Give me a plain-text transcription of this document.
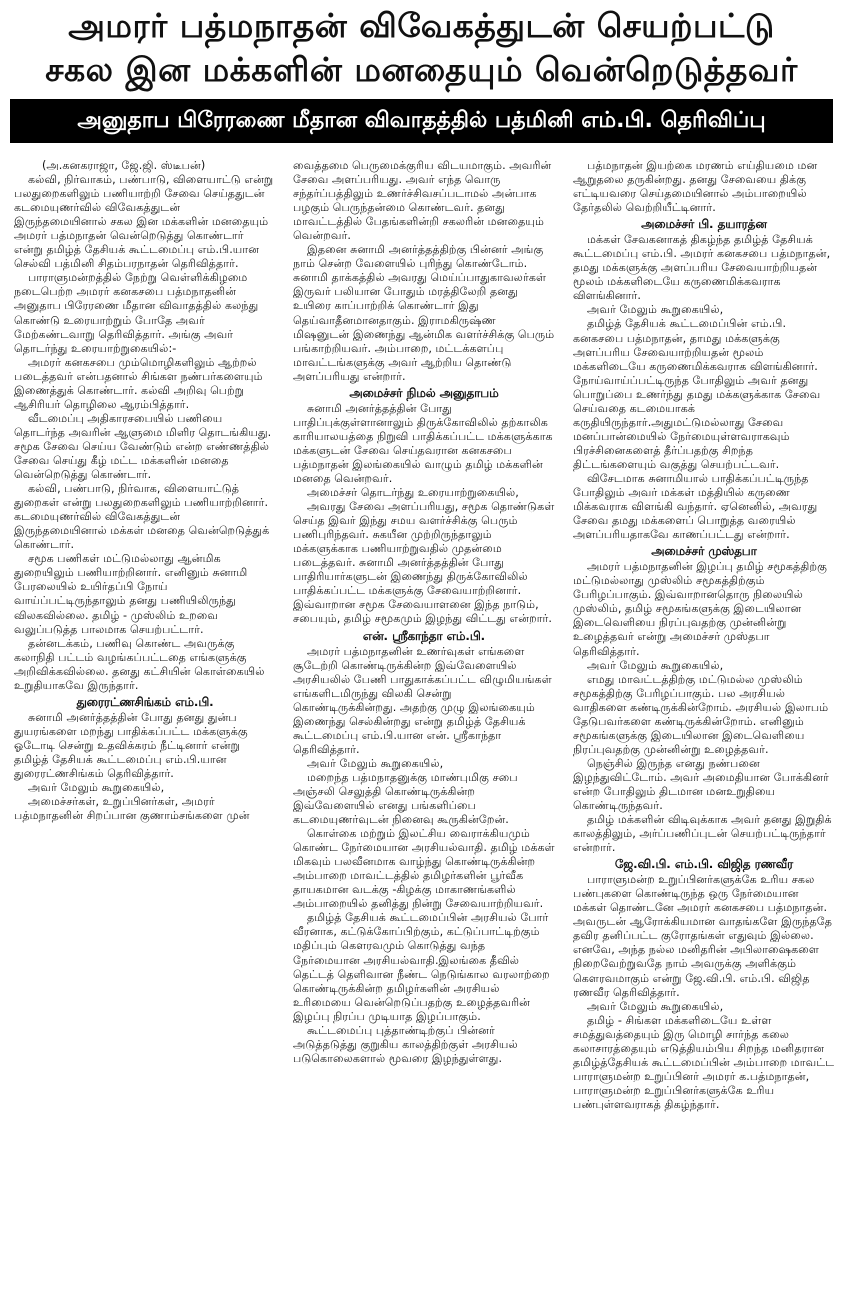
அமரர் பத்மநாதன் விவேகத்துடன் செயற்பட்டு
சகல இன மக்களின் மனதையும் வென்றெடுத்தவர்
அனுதாப பிரேரணை மீதான விவாதத்தில் பத்மினி எம்.பி. தெரிவிப்பு

(அ.கனகராஜா, ஜே.ஜி. ஸ்டீபன்)

கல்வி, நிர்வாகம், பண்பாடு, விளையாட்டு என்று பலதுறைகளிலும் பணியாற்றி சேவை செய்ததுடன் கடமையுணர்வில் விவேகத்துடன் இருந்தமையினால் சகல இன மக்களின் மனதையும் அமரர் பத்மநாதன் வென்றெடுத்து கொண்டார் என்று தமிழ்த் தேசியக் கூட்டமைப்பு எம்.பி.யான செல்வி பத்மினி சிதம்பரநாதன் தெரிவித்தார்.

பாராளுமன்றத்தில் நேற்று வெள்ளிக்கிழமை நடைபெற்ற அமரர் கனகசபை பத்மநாதனின் அனுதாப பிரேரணை மீதான விவாதத்தில் கலந்து கொண்டு உரையாற்றும் போதே அவர் மேற்கண்டவாறு தெரிவித்தார். அங்கு அவர் தொடர்ந்து உரையாற்றுகையில்:-

அமரர் கனகசபை மும்மொழிகளிலும் ஆற்றல் படைத்தவர் என்பதனால் சிங்கள நண்பர்களையும் இணைத்துக் கொண்டார். கல்வி அறிவு பெற்று ஆசிரியர் தொழிலை ஆரம்பித்தார்.

வீடமைப்பு அதிகாரசபையில் பணியை தொடர்ந்த அவரின் ஆளுமை மிளிர தொடங்கியது. சமூக சேவை செய்ய வேண்டும் என்ற எண்ணத்தில் சேவை செய்து கீழ் மட்ட மக்களின் மனதை வென்றெடுத்து கொண்டார்.

கல்வி, பண்பாடு, நிர்வாக, விளையாட்டுத் துறைகள் என்று பலதுறைகளிலும் பணியாற்றினார். கடமையுணர்வில் விவேகத்துடன் இருந்தமையினால் மக்கள் மனதை வென்றெடுத்துக் கொண்டார்.

சமூக பணிகள் மட்டுமல்லாது ஆன்மிக துறையிலும் பணியாற்றினார். எனினும் சுனாமி பேரலையில் உயிர்தப்பி நோய் வாய்ப்பட்டிருந்தாலும் தனது பணியிலிருந்து விலகவில்லை. தமிழ் - முஸ்லிம் உறவை வலுப்படுத்த பாலமாக செயற்பட்டார்.

தன்னடக்கம், பணிவு கொண்ட அவருக்கு கலாநிதி பட்டம் வழங்கப்பட்டதை எங்களுக்கு அறிவிக்கவில்லை. தனது கட்சியின் கொள்கையில் உறுதியாகவே இருந்தார்.

துரைரட்ணசிங்கம் எம்.பி.

சுனாமி அனர்த்தத்தின் போது தனது துன்ப துயரங்களை மறந்து பாதிக்கப்பட்ட மக்களுக்கு ஓடோடி சென்று உதவிக்கரம் நீட்டினார் என்று தமிழ்த் தேசியக் கூட்டமைப்பு எம்.பி.யான துரைரட்ணசிங்கம் தெரிவித்தார்.

அவர் மேலும் கூறுகையில்,

அமைச்சர்கள், உறுப்பினர்கள், அமரர் பத்மநாதனின் சிறப்பான குணாம்சங்களை முன்

வைத்தமை பெருமைக்குரிய விடயமாகும். அவரின் சேவை அளப்பரியது. அவர் எந்த வொரு சந்தர்ப்பத்திலும் உணர்ச்சிவசப்படாமல் அன்பாக பழகும் பெருந்தன்மை கொண்டவர். தனது மாவட்டத்தில் பேதங்களின்றி சகலரின் மனதையும் வென்றவர்.

இதனை சுனாமி அனர்த்தத்திற்கு பின்னர் அங்கு நாம் சென்ற வேளையில் புரிந்து கொண்டோம். சுனாமி தாக்கத்தில் அவரது மெய்ப்பாதுகாவலர்கள் இருவர் பலியான போதும் மரத்திலேறி தனது உயிரை காப்பாற்றிக் கொண்டார் இது தெய்வாதீனமானதாகும். இராமகிருஷ்ண மிஷனுடன் இணைந்து ஆன்மிக வளர்ச்சிக்கு பெரும் பங்காற்றியவர். அம்பாறை, மட்டக்களப்பு மாவட்டங்களுக்கு அவர் ஆற்றிய தொண்டு அளப்பரியது என்றார்.

அமைச்சர் நிமல் அனுதாபம்

சுனாமி அனர்த்தத்தின் போது பாதிப்புக்குள்ளானாலும் திருக்கோவிலில் தற்காலிக காரியாலயத்தை நிறுவி பாதிக்கப்பட்ட மக்களுக்காக மக்களுடன் சேவை செய்தவரான கனகசபை பத்மநாதன் இலங்கையில் வாழும் தமிழ் மக்களின் மனதை வென்றவர்.

அமைச்சர் தொடர்ந்து உரையாற்றுகையில்,

அவரது சேவை அளப்பரியது, சமூக தொண்டுகள் செய்த இவர் இந்து சமய வளர்ச்சிக்கு பெரும் பணிபுரிந்தவர். சுகயீன முற்றிருந்தாலும் மக்களுக்காக பணியாற்றுவதில் முதன்மை படைத்தவர். சுனாமி அனர்த்தத்தின் போது பாதிரியார்களுடன் இணைந்து திருக்கோவிலில் பாதிக்கப்பட்ட மக்களுக்கு சேவையாற்றினார். இவ்வாறான சமூக சேவையாளனை இந்த நாடும், சபையும், தமிழ் சமூகமும் இழந்து விட்டது என்றார்.

என். ஸ்ரீகாந்தா எம்.பி.

அமரர் பத்மநாதனின் உணர்வுகள் எங்களை சூடேற்றி கொண்டிருக்கின்ற இவ்வேளையில் அரசியலில் பேணி பாதுகாக்கப்பட்ட விழுமியங்கள் எங்களிடமிருந்து விலகி சென்று கொண்டிருக்கின்றது. அதற்கு முழு இலங்கையும் இணைந்து செல்கின்றது என்று தமிழ்த் தேசியக் கூட்டமைப்பு எம்.பி.யான என். ஸ்ரீகாந்தா தெரிவித்தார்.

அவர் மேலும் கூறுகையில்,

மறைந்த பத்மநாதனுக்கு மாண்புமிகு சபை அஞ்சலி செலுத்தி கொண்டிருக்கின்ற இவ்வேளையில் எனது பங்களிப்பை கடமையுணர்வுடன் நினைவு கூருகின்றேன்.

கொள்கை மற்றும் இலட்சிய வைராக்கியமும் கொண்ட நேர்மையான அரசியல்வாதி. தமிழ் மக்கள் மிகவும் பலவீனமாக வாழ்ந்து கொண்டிருக்கின்ற அம்பாறை மாவட்டத்தில் தமிழர்களின் பூர்வீக தாயகமான வடக்கு -கிழக்கு மாகாணங்களில் அம்பாறையில் தனித்து நின்று சேவையாற்றியவர்.

தமிழ்த் தேசியக் கூட்டமைப்பின் அரசியல் போர் வீரனாக, கட்டுக்கோப்பிற்கும், கட்டுப்பாட்டிற்கும் மதிப்பும் கௌரவமும் கொடுத்து வந்த நேர்மையான அரசியல்வாதி.இலங்கை தீவில் தெட்டத் தெளிவான நீண்ட நெடுங்கால வரலாற்றை கொண்டிருக்கின்ற தமிழர்களின் அரசியல் உரிமையை வென்றெடுப்பதற்கு உழைத்தவரின் இழப்பு நிரப்ப முடியாத இழப்பாகும்.

கூட்டமைப்பு புத்தாண்டிற்குப் பின்னர் அடுத்தடுத்து குறுகிய காலத்திற்குள் அரசியல் படுகொலைகளால் மூவரை இழந்துள்ளது.

பத்மநாதன் இயற்கை மரணம் எய்தியமை மன ஆறுதலை தருகின்றது. தனது சேவையை திக்கு எட்டியவரை செய்தமையினால் அம்பாறையில் தேர்தலில் வெற்றியீட்டினார்.

அமைச்சர் பி. தயாரத்ன

மக்கள் சேவகனாகத் திகழ்ந்த தமிழ்த் தேசியக் கூட்டமைப்பு எம்.பி. அமரர் கனகசபை பத்மநாதன், தமது மக்களுக்கு அளப்பரிய சேவையாற்றியதன் மூலம் மக்களிடையே கருணைமிக்கவராக விளங்கினார்.

அவர் மேலும் கூறுகையில்,

தமிழ்த் தேசியக் கூட்டமைப்பின் எம்.பி. கனகசபை பத்மநாதன், தாமது மக்களுக்கு அளப்பரிய சேவையாற்றியதன் மூலம் மக்களிடையே கருணைமிக்கவராக விளங்கினார். நோய்வாய்ப்பட்டிருந்த போதிலும் அவர் தனது பொறுப்பை உணர்ந்து தமது மக்களுக்காக சேவை செய்வதை கடமையாகக் கருதியிருந்தார்.அதுமட்டுமல்லாது சேவை மனப்பான்மையில் நேர்மையுள்ளவராகவும் பிரச்சினைகளைத் தீர்ப்பதற்கு சிறந்த திட்டங்களையும் வகுத்து செயற்பட்டவர்.

விசேடமாக சுனாமியால் பாதிக்கப்பட்டிருந்த போதிலும் அவர் மக்கள் மத்தியில் கருணை மிக்கவராக விளங்கி வந்தார். ஏனெனில், அவரது சேவை தமது மக்களைப் பொறுத்த வரையில் அளப்பரியதாகவே காணப்பட்டது என்றார்.

அமைச்சர் முஸ்தபா

அமரர் பத்மநாதனின் இழப்பு தமிழ் சமூகத்திற்கு மட்டுமல்லாது முஸ்லிம் சமூகத்திற்கும் பேரிழப்பாகும். இவ்வாறானதொரு நிலையில் முஸ்லிம், தமிழ் சமூகங்களுக்கு இடையிலான இடைவெளியை நிரப்புவதற்கு முன்னின்று உழைத்தவர் என்று அமைச்சர் முஸ்தபா தெரிவித்தார்.

அவர் மேலும் கூறுகையில்,

எமது மாவட்டத்திற்கு மட்டுமல்ல முஸ்லிம் சமூகத்திற்கு பேரிழப்பாகும். பல அரசியல் வாதிகளை கண்டிருக்கின்றோம். அரசியல் இலாபம் தேடுபவர்களை கண்டிருக்கின்றோம். எனினும் சமூகங்களுக்கு இடையிலான இடைவெளியை நிரப்புவதற்கு முன்னின்று உழைத்தவர்.

நெஞ்சில் இருந்த எனது நண்பனை இழந்துவிட்டோம். அவர் அமைதியான போக்கினர் என்ற போதிலும் திடமான மனஉறுதியை கொண்டிருந்தவர்.

தமிழ் மக்களின் விடிவுக்காக அவர் தனது இறுதிக் காலத்திலும், அர்ப்பணிப்புடன் செயற்பட்டிருந்தார் என்றார்.

ஜே.வி.பி. எம்.பி. விஜித ரணவீர

பாராளுமன்ற உறுப்பினர்களுக்கே உரிய சகல பண்புகளை கொண்டிருந்த ஒரு நேர்மையான மக்கள் தொண்டனே அமரர் கனகசபை பத்மநாதன். அவருடன் ஆரோக்கியமான வாதங்களே இருந்ததே தவிர தனிப்பட்ட குரோதங்கள் எதுவும் இல்லை. எனவே, அந்த நல்ல மனிதரின் அபிலாஷைகளை நிறைவேற்றுவதே நாம் அவருக்கு அளிக்கும் கௌரவமாகும் என்று ஜே.வி.பி. எம்.பி. விஜித ரணவீர தெரிவித்தார்.

அவர் மேலும் கூறுகையில்,

தமிழ் - சிங்கள மக்களிடையே உள்ள சமத்துவத்தையும் இரு மொழி சார்ந்த கலை கலாசாரத்தையும் எடுத்தியம்பிய சிறந்த மனிதரான தமிழ்த்தேசியக் கூட்டமைப்பின் அம்பாறை மாவட்ட பாராளுமன்ற உறுப்பினர் அமரர் க.பத்மநாதன், பாராளுமன்ற உறுப்பினர்களுக்கே உரிய பண்புள்ளவராகத் திகழ்ந்தார்.
